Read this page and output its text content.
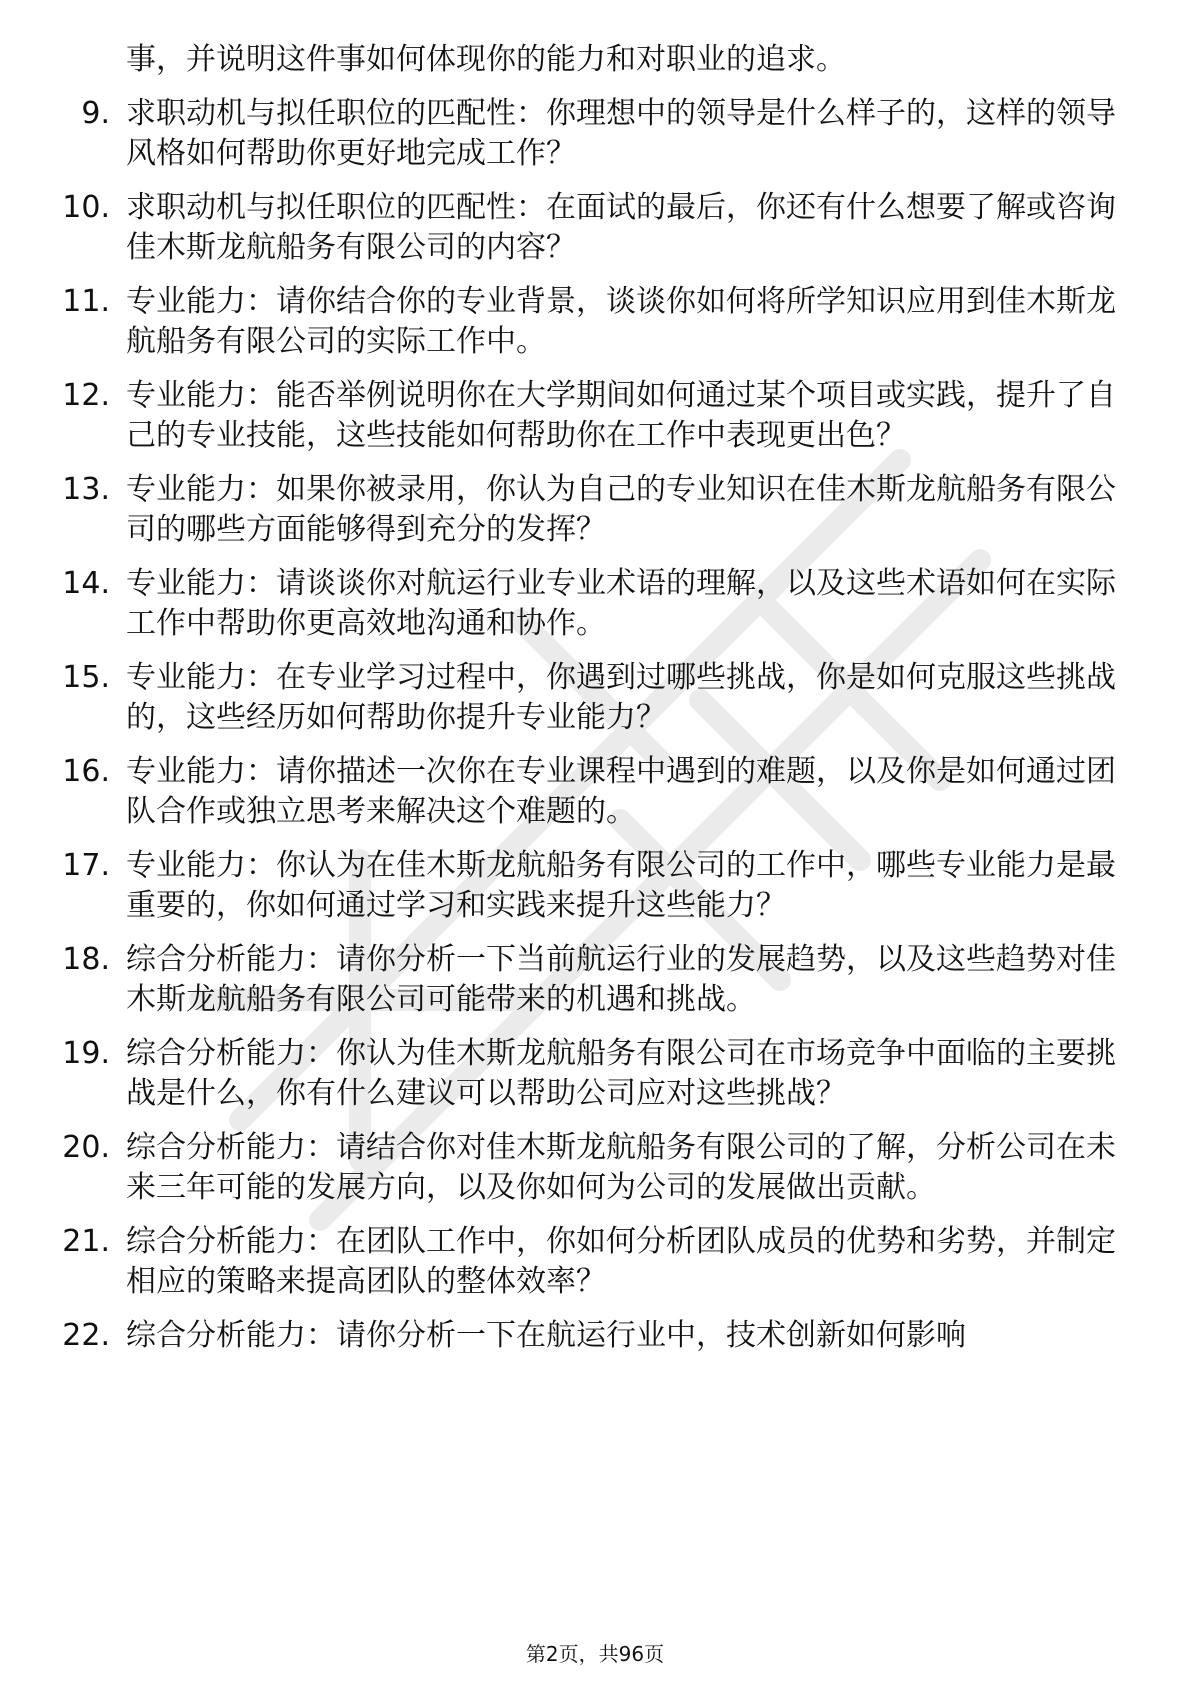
事，并说明这件事如何体现你的能力和对职业的追求。
9. 求职动机与拟任职位的匹配性：你理想中的领导是什么样子的，这样的领导风格如何帮助你更好地完成工作？
10. 求职动机与拟任职位的匹配性：在面试的最后，你还有什么想要了解或咨询佳木斯龙航船务有限公司的内容？
11. 专业能力：请你结合你的专业背景，谈谈你如何将所学知识应用到佳木斯龙航船务有限公司的实际工作中。
12. 专业能力：能否举例说明你在大学期间如何通过某个项目或实践，提升了自己的专业技能，这些技能如何帮助你在工作中表现更出色？
13. 专业能力：如果你被录用，你认为自己的专业知识在佳木斯龙航船务有限公司的哪些方面能够得到充分的发挥？
14. 专业能力：请谈谈你对航运行业专业术语的理解，以及这些术语如何在实际工作中帮助你更高效地沟通和协作。
15. 专业能力：在专业学习过程中，你遇到过哪些挑战，你是如何克服这些挑战的，这些经历如何帮助你提升专业能力？
16. 专业能力：请你描述一次你在专业课程中遇到的难题，以及你是如何通过团队合作或独立思考来解决这个难题的。
17. 专业能力：你认为在佳木斯龙航船务有限公司的工作中，哪些专业能力是最重要的，你如何通过学习和实践来提升这些能力？
18. 综合分析能力：请你分析一下当前航运行业的发展趋势，以及这些趋势对佳木斯龙航船务有限公司可能带来的机遇和挑战。
19. 综合分析能力：你认为佳木斯龙航船务有限公司在市场竞争中面临的主要挑战是什么，你有什么建议可以帮助公司应对这些挑战？
20. 综合分析能力：请结合你对佳木斯龙航船务有限公司的了解，分析公司在未来三年可能的发展方向，以及你如何为公司的发展做出贡献。
21. 综合分析能力：在团队工作中，你如何分析团队成员的优势和劣势，并制定相应的策略来提高团队的整体效率？
22. 综合分析能力：请你分析一下在航运行业中，技术创新如何影响
第2页，共96页
